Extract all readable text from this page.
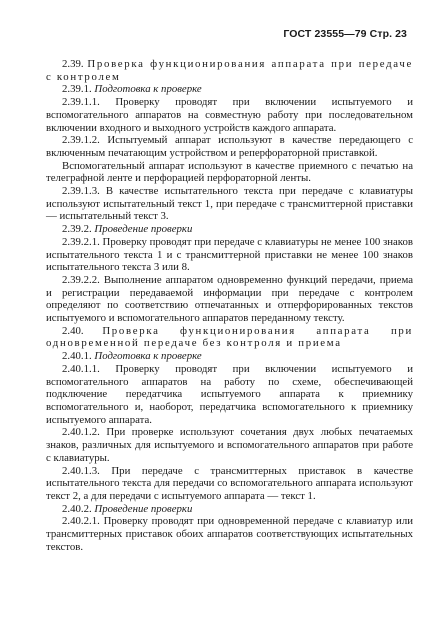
ГОСТ 23555—79 Стр. 23

2.39. Проверка функционирования аппарата при передаче с контролем

2.39.1. Подготовка к проверке

2.39.1.1. Проверку проводят при включении испытуемого и вспомогательного аппаратов на совместную работу при последовательном включении входного и выходного устройств каждого аппарата.

2.39.1.2. Испытуемый аппарат используют в качестве передающего с включенным печатающим устройством и реперфораторной приставкой.

Вспомогательный аппарат используют в качестве приемного с печатью на телеграфной ленте и перфорацией перфораторной ленты.

2.39.1.3. В качестве испытательного текста при передаче с клавиатуры используют испытательный текст 1, при передаче с трансмиттерной приставки — испытательный текст 3.

2.39.2. Проведение проверки

2.39.2.1. Проверку проводят при передаче с клавиатуры не менее 100 знаков испытательного текста 1 и с трансмиттерной приставки не менее 100 знаков испытательного текста 3 или 8.

2.39.2.2. Выполнение аппаратом одновременно функций передачи, приема и регистрации передаваемой информации при передаче с контролем определяют по соответствию отпечатанных и отперфорированных текстов испытуемого и вспомогательного аппаратов переданному тексту.

2.40. Проверка функционирования аппарата при одновременной передаче без контроля и приема

2.40.1. Подготовка к проверке

2.40.1.1. Проверку проводят при включении испытуемого и вспомогательного аппаратов на работу по схеме, обеспечивающей подключение передатчика испытуемого аппарата к приемнику вспомогательного и, наоборот, передатчика вспомогательного к приемнику испытуемого аппарата.

2.40.1.2. При проверке используют сочетания двух любых печатаемых знаков, различных для испытуемого и вспомогательного аппаратов при работе с клавиатуры.

2.40.1.3. При передаче с трансмиттерных приставок в качестве испытательного текста для передачи со вспомогательного аппарата используют текст 2, а для передачи с испытуемого аппарата — текст 1.

2.40.2. Проведение проверки

2.40.2.1. Проверку проводят при одновременной передаче с клавиатур или трансмиттерных приставок обоих аппаратов соответствующих испытательных текстов.
